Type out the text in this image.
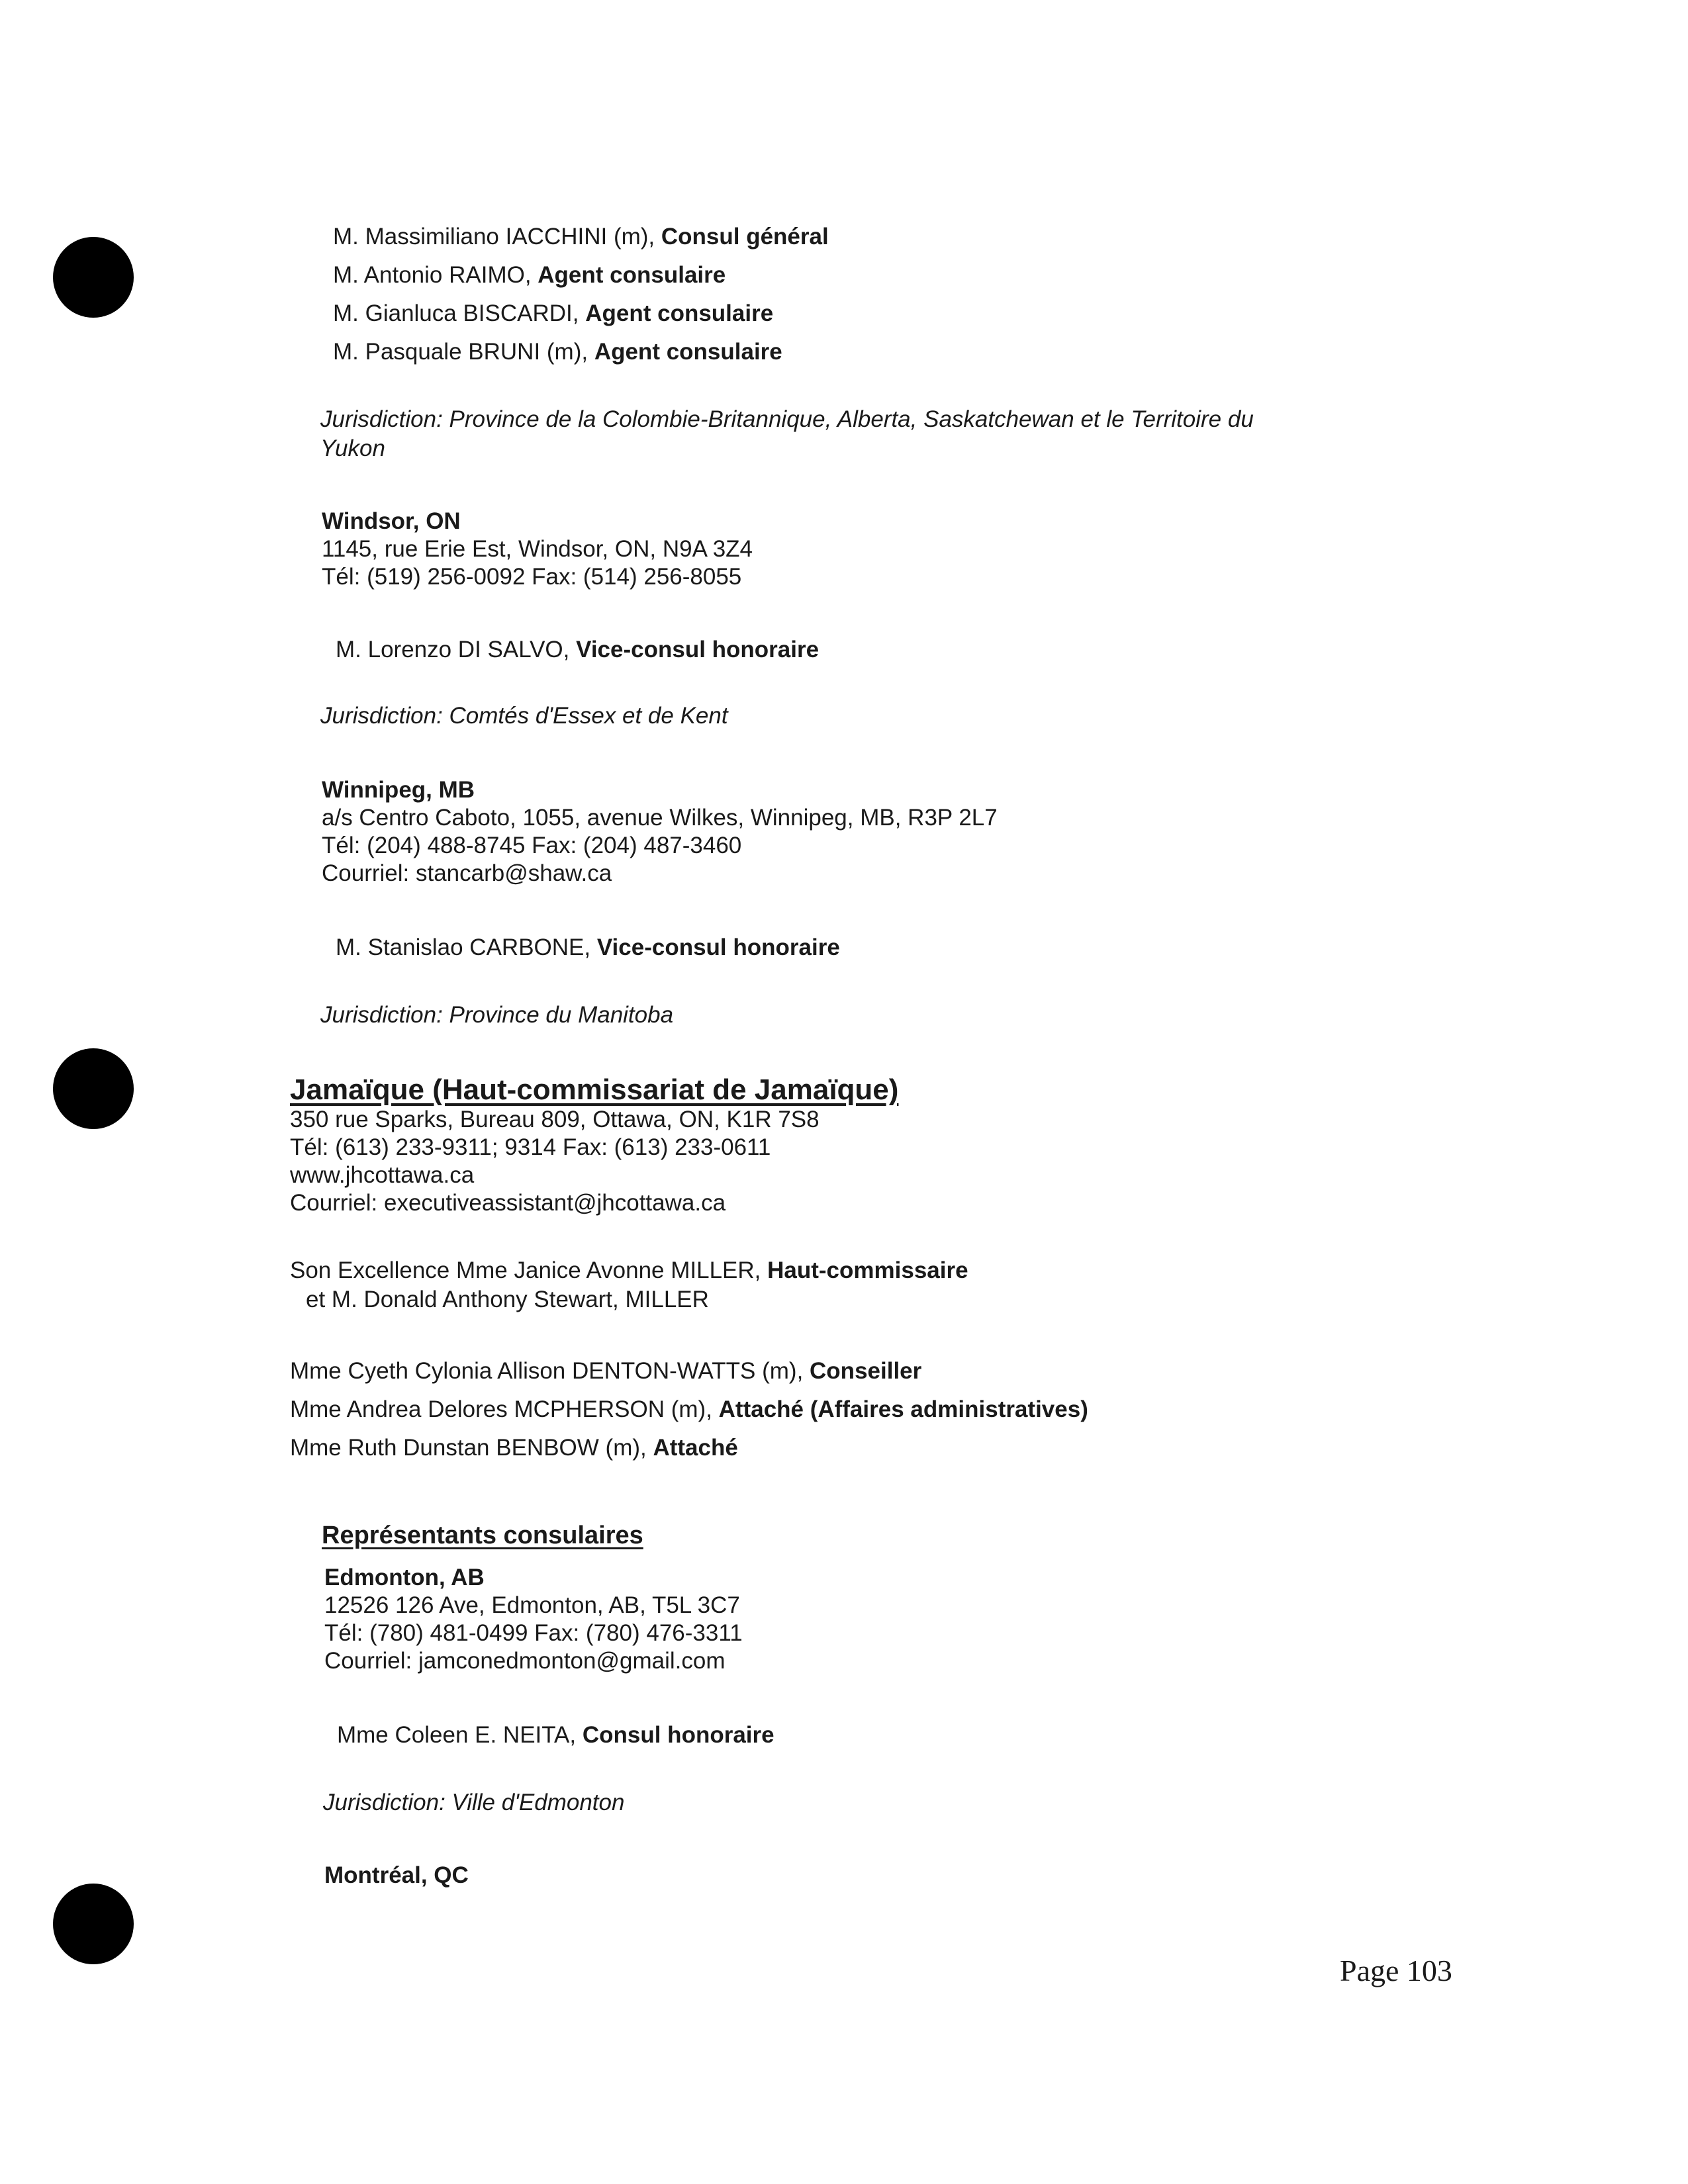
M. Massimiliano IACCHINI (m), Consul général
M. Antonio RAIMO, Agent consulaire
M. Gianluca BISCARDI, Agent consulaire
M. Pasquale BRUNI (m), Agent consulaire
Jurisdiction: Province de la Colombie-Britannique, Alberta, Saskatchewan et le Territoire du
Yukon
Windsor, ON
1145, rue Erie Est, Windsor, ON, N9A 3Z4
Tél: (519) 256-0092 Fax: (514) 256-8055
M. Lorenzo DI SALVO, Vice-consul honoraire
Jurisdiction: Comtés d'Essex et de Kent
Winnipeg, MB
a/s Centro Caboto, 1055, avenue Wilkes, Winnipeg, MB, R3P 2L7
Tél: (204) 488-8745 Fax: (204) 487-3460
Courriel: stancarb@shaw.ca
M. Stanislao CARBONE, Vice-consul honoraire
Jurisdiction: Province du Manitoba
Jamaïque (Haut-commissariat de Jamaïque)
350 rue Sparks, Bureau 809, Ottawa, ON, K1R 7S8
Tél: (613) 233-9311; 9314 Fax: (613) 233-0611
www.jhcottawa.ca
Courriel: executiveassistant@jhcottawa.ca
Son Excellence Mme Janice Avonne MILLER, Haut-commissaire
et M. Donald Anthony Stewart, MILLER
Mme Cyeth Cylonia Allison DENTON-WATTS (m), Conseiller
Mme Andrea Delores MCPHERSON (m), Attaché (Affaires administratives)
Mme Ruth Dunstan BENBOW (m), Attaché
Représentants consulaires
Edmonton, AB
12526 126 Ave, Edmonton, AB, T5L 3C7
Tél: (780) 481-0499 Fax: (780) 476-3311
Courriel: jamconedmonton@gmail.com
Mme Coleen E. NEITA, Consul honoraire
Jurisdiction: Ville d'Edmonton
Montréal, QC
Page 103
